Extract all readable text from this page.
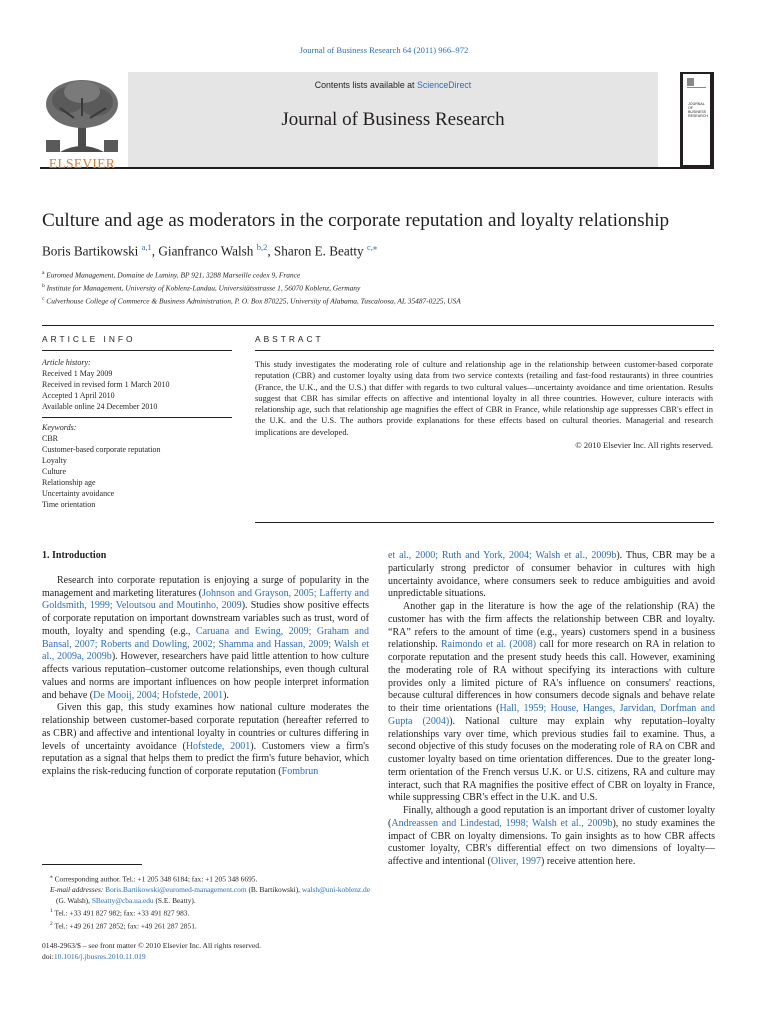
Journal of Business Research 64 (2011) 966–972
ELSEVIER
Contents lists available at ScienceDirect
Journal of Business Research
JOURNAL OF BUSINESS RESEARCH
Culture and age as moderators in the corporate reputation and loyalty relationship
Boris Bartikowski $^{a,1}$, Gianfranco Walsh $^{b,2}$, Sharon E. Beatty $^{c,⁎}$
$^a$ Euromed Management, Domaine de Luminy, BP 921, 3288 Marseille cedex 9, France
$^b$ Institute for Management, University of Koblenz-Landau, Universitätsstrasse 1, 56070 Koblenz, Germany
$^c$ Culverhouse College of Commerce & Business Administration, P. O. Box 870225, University of Alabama, Tuscaloosa, AL 35487-0225, USA
ARTICLE INFO	ABSTRACT
Article history:
Received 1 May 2009
Received in revised form 1 March 2010
Accepted 1 April 2010
Available online 24 December 2010
Keywords:
CBR
Customer-based corporate reputation
Loyalty
Culture
Relationship age
Uncertainty avoidance
Time orientation
This study investigates the moderating role of culture and relationship age in the relationship between customer-based corporate reputation (CBR) and customer loyalty using data from two service contexts (retailing and fast-food restaurants) in three countries (France, the U.K., and the U.S.) that differ with regards to two cultural values—uncertainty avoidance and time orientation. Results suggest that CBR has similar effects on affective and intentional loyalty in all three countries. However, culture interacts with relationship age, such that relationship age magnifies the effect of CBR in France, while relationship age suppresses CBR's effect in the U.K. and the U.S. The authors provide explanations for these effects based on cultural theories. Managerial and research implications are developed.
© 2010 Elsevier Inc. All rights reserved.
1. Introduction

Research into corporate reputation is enjoying a surge of popularity in the management and marketing literatures (Johnson and Grayson, 2005; Lafferty and Goldsmith, 1999; Veloutsou and Moutinho, 2009). Studies show positive effects of corporate reputation on important downstream variables such as trust, word of mouth, loyalty and spending (e.g., Caruana and Ewing, 2009; Graham and Bansal, 2007; Roberts and Dowling, 2002; Shamma and Hassan, 2009; Walsh et al., 2009a, 2009b). However, researchers have paid little attention to how culture affects various reputation–customer outcome relationships, even though cultural values and norms are important influences on how people interpret information and behave (De Mooij, 2004; Hofstede, 2001).

Given this gap, this study examines how national culture moderates the relationship between customer-based corporate reputation (hereafter referred to as CBR) and affective and intentional loyalty in countries or cultures differing in levels of uncertainty avoidance (Hofstede, 2001). Customers view a firm's reputation as a signal that helps them to predict the firm's future behavior, which explains the risk-reducing function of corporate reputation (Fombrun

et al., 2000; Ruth and York, 2004; Walsh et al., 2009b). Thus, CBR may be a particularly strong predictor of consumer behavior in cultures with high uncertainty avoidance, where consumers seek to reduce ambiguities and avoid unpredictable situations.

Another gap in the literature is how the age of the relationship (RA) the customer has with the firm affects the relationship between CBR and loyalty. “RA” refers to the amount of time (e.g., years) customers spend in a business relationship. Raimondo et al. (2008) call for more research on RA in relation to corporate reputation and the present study heeds this call. However, examining the moderating role of RA without specifying its interactions with culture provides only a limited picture of RA's influence on consumers' reactions, because cultural differences in how consumers decode signals and behave relate to their time orientations (Hall, 1959; House, Hanges, Jarvidan, Dorfman and Gupta (2004)). National culture may explain why reputation–loyalty relationships vary over time, which previous studies fail to examine. Thus, a second objective of this study focuses on the moderating role of RA on CBR and customer loyalty based on time orientation differences. Due to the greater long-term orientation of the French versus U.K. or U.S. citizens, RA and culture may interact, such that RA magnifies the positive effect of CBR on loyalty in France, while suppressing CBR's effect in the U.K. and U.S.

Finally, although a good reputation is an important driver of customer loyalty (Andreassen and Lindestad, 1998; Walsh et al., 2009b), no study examines the impact of CBR on loyalty dimensions. To gain insights as to how CBR affects customer loyalty, CBR's differential effect on two dimensions of loyalty—affective and intentional (Oliver, 1997) receive attention here.

⁎ Corresponding author. Tel.: +1 205 348 6184; fax: +1 205 348 6695.
E-mail addresses: Boris.Bartikowski@euromed-management.com (B. Bartikowski), walsh@uni-koblenz.de (G. Walsh), SBeatty@cba.ua.edu (S.E. Beatty).
$^1$ Tel.: +33 491 827 982; fax: +33 491 827 983.
$^2$ Tel.: +49 261 287 2852; fax: +49 261 287 2851.
0148-2963/$ – see front matter © 2010 Elsevier Inc. All rights reserved.
doi:10.1016/j.jbusres.2010.11.019
